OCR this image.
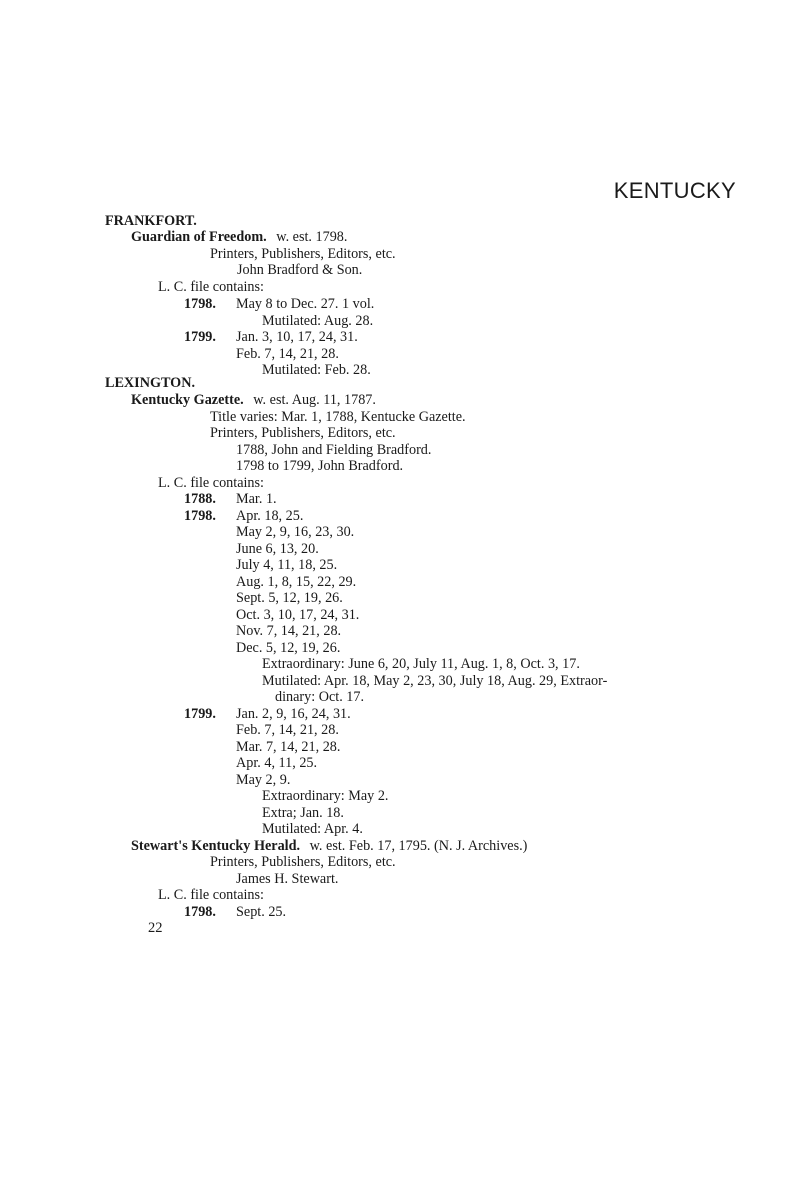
KENTUCKY
FRANKFORT.
Guardian of Freedom. w. est. 1798.
Printers, Publishers, Editors, etc.
John Bradford & Son.
L. C. file contains:
1798. May 8 to Dec. 27. 1 vol.
Mutilated: Aug. 28.
1799. Jan. 3, 10, 17, 24, 31.
Feb. 7, 14, 21, 28.
Mutilated: Feb. 28.
LEXINGTON.
Kentucky Gazette. w. est. Aug. 11, 1787.
Title varies: Mar. 1, 1788, Kentucke Gazette.
Printers, Publishers, Editors, etc.
1788, John and Fielding Bradford.
1798 to 1799, John Bradford.
L. C. file contains:
1788. Mar. 1.
1798. Apr. 18, 25.
May 2, 9, 16, 23, 30.
June 6, 13, 20.
July 4, 11, 18, 25.
Aug. 1, 8, 15, 22, 29.
Sept. 5, 12, 19, 26.
Oct. 3, 10, 17, 24, 31.
Nov. 7, 14, 21, 28.
Dec. 5, 12, 19, 26.
Extraordinary: June 6, 20, July 11, Aug. 1, 8, Oct. 3, 17.
Mutilated: Apr. 18, May 2, 23, 30, July 18, Aug. 29, Extraor-
dinary: Oct. 17.
1799. Jan. 2, 9, 16, 24, 31.
Feb. 7, 14, 21, 28.
Mar. 7, 14, 21, 28.
Apr. 4, 11, 25.
May 2, 9.
Extraordinary: May 2.
Extra; Jan. 18.
Mutilated: Apr. 4.
Stewart's Kentucky Herald. w. est. Feb. 17, 1795. (N. J. Archives.)
Printers, Publishers, Editors, etc.
James H. Stewart.
L. C. file contains:
1798. Sept. 25.
22
